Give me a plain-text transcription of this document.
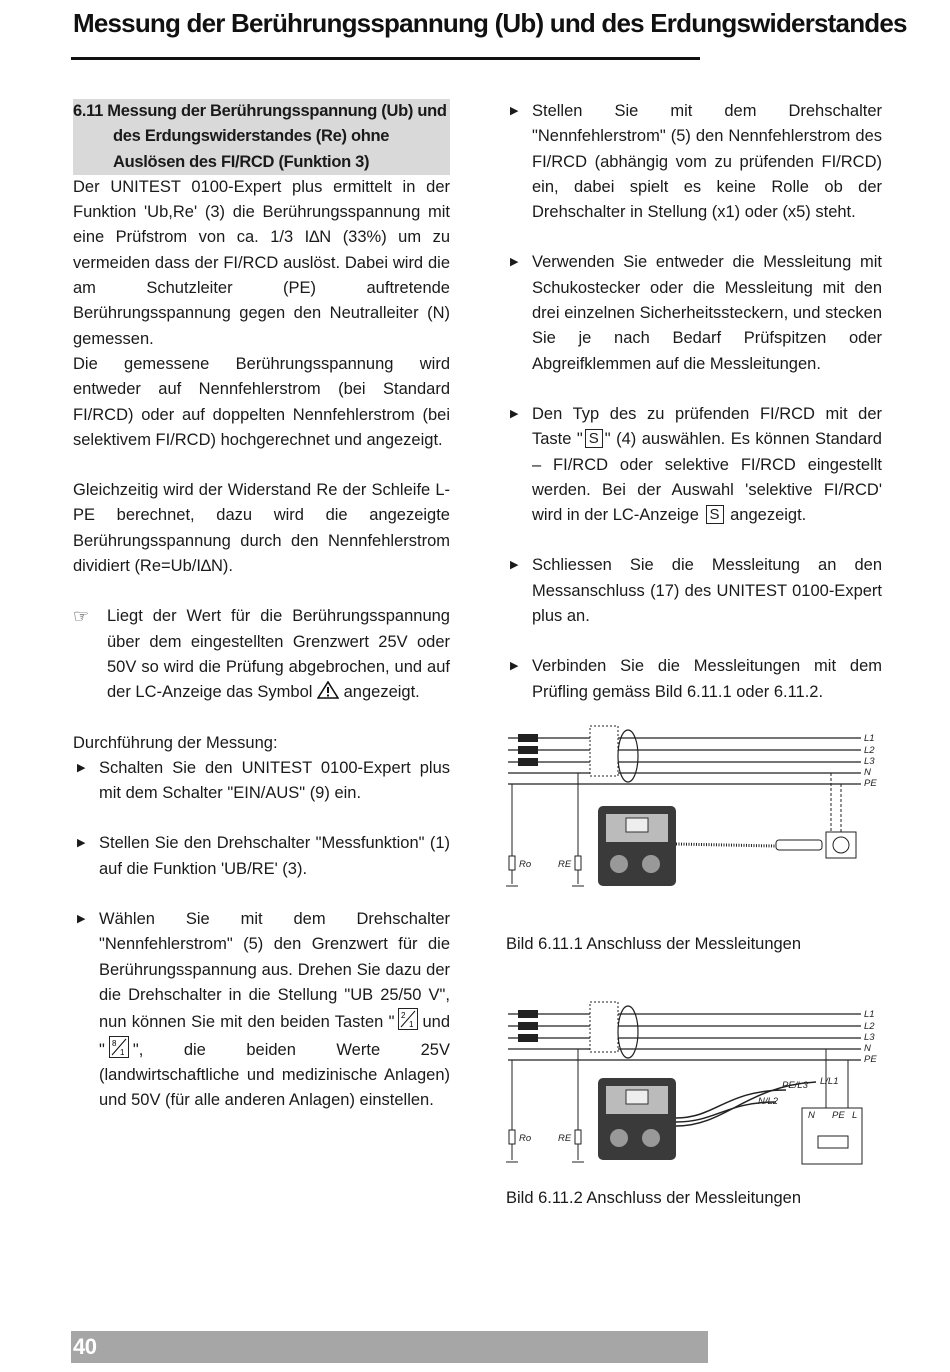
Messung der Berührungsspannung (Ub) und des Erdungswiderstandes
6.11 Messung der Berührungsspannung (Ub) und
des Erdungswiderstandes (Re) ohne
Auslösen des FI/RCD (Funktion 3)

Der UNITEST 0100-Expert plus ermittelt in der Funktion 'Ub,Re' (3) die Berührungsspannung mit eine Prüfstrom von ca. 1/3 I∆N (33%) um zu vermeiden dass der FI/RCD auslöst. Dabei wird die am Schutzleiter (PE) auftretende Berührungsspannung gegen den Neutralleiter (N) gemessen.

Die gemessene Berührungsspannung wird entweder auf Nennfehlerstrom (bei Standard FI/RCD) oder auf doppelten Nennfehlerstrom (bei selektivem FI/RCD) hochgerechnet und angezeigt.

Gleichzeitig wird der Widerstand Re der Schleife L-PE berechnet, dazu wird die angezeigte Berührungsspannung durch den Nennfehlerstrom dividiert (Re=Ub/I∆N).

☞	Liegt der Wert für die Berührungsspannung über dem eingestellten Grenzwert 25V oder 50V so wird die Prüfung abgebrochen, und auf der LC-Anzeige das Symbol angezeigt.

Durchführung der Messung:

▶ Schalten Sie den UNITEST 0100-Expert plus mit dem Schalter "EIN/AUS" (9) ein.

▶ Stellen Sie den Drehschalter "Messfunktion" (1) auf die Funktion 'UB/RE' (3).

▶ Wählen Sie mit dem Drehschalter "Nennfehlerstrom" (5) den Grenzwert für die Berührungsspannung aus. Drehen Sie dazu der die Drehschalter in die Stellung "UB 25/50 V", nun können Sie mit den beiden Tasten " 2
1 und " 8
1 ", die beiden Werte 25V (landwirtschaftliche und medizinische Anlagen) und 50V (für alle anderen Anlagen) einstellen.

▶ Stellen Sie mit dem Drehschalter "Nennfehlerstrom" (5) den Nennfehlerstrom des FI/RCD (abhängig vom zu prüfenden FI/RCD) ein, dabei spielt es keine Rolle ob der Drehschalter in Stellung (x1) oder (x5) steht.

▶ Verwenden Sie entweder die Messleitung mit Schukostecker oder die Messleitung mit den drei einzelnen Sicherheitssteckern, und stecken Sie je nach Bedarf Prüfspitzen oder Abgreifklemmen auf die Messleitungen.

▶ Den Typ des zu prüfenden FI/RCD mit der Taste " S " (4) auswählen. Es können Standard – FI/RCD oder selektive FI/RCD eingestellt werden. Bei der Auswahl 'selektive FI/RCD' wird in der LC-Anzeige S angezeigt.

▶ Schliessen Sie die Messleitung an den Messanschluss (17) des UNITEST 0100-Expert plus an.

▶ Verbinden Sie die Messleitungen mit dem Prüfling gemäss Bild 6.11.1 oder 6.11.2.

Ro	RE
L1
L2
L3
N
PE
Bild 6.11.1 Anschluss der Messleitungen
Ro	RE
PE/L3 L/L1
N/L2
N PE L
L1
L2
L3
N
PE
Bild 6.11.2 Anschluss der Messleitungen
40
